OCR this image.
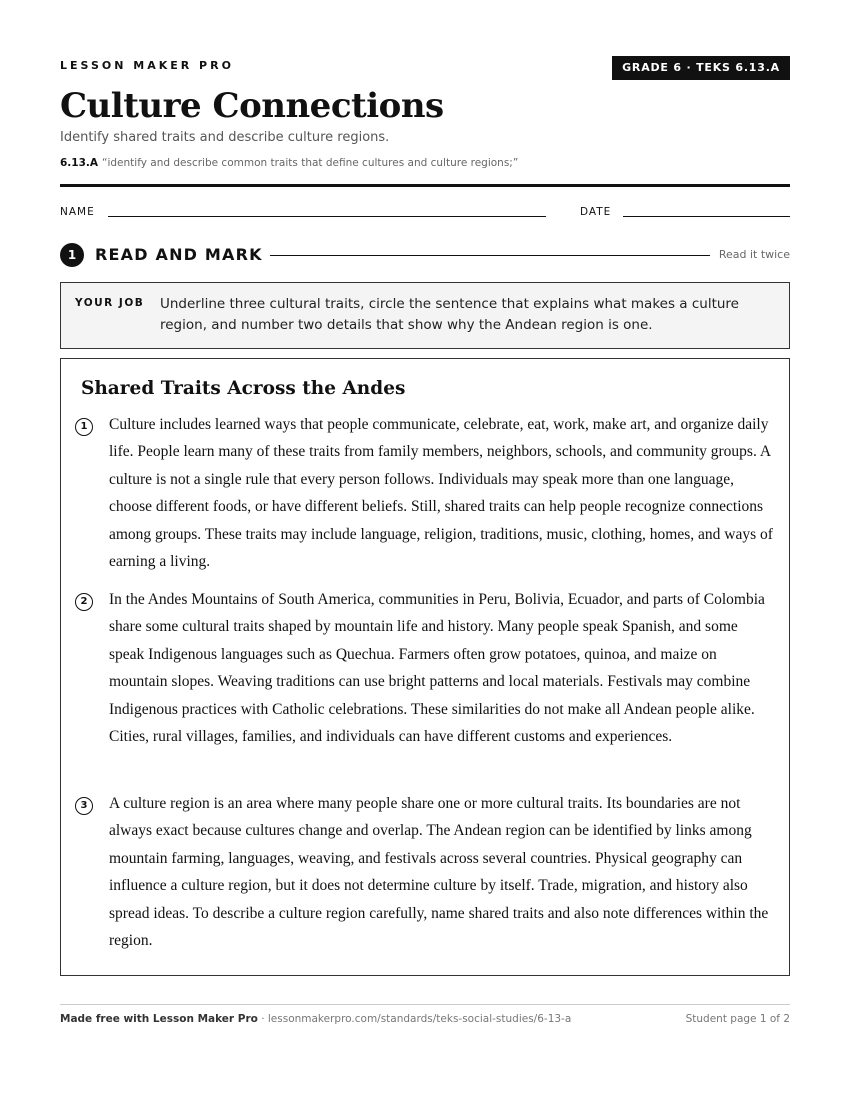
LESSON MAKER PRO	GRADE 6 · TEKS 6.13.A
Culture Connections
Identify shared traits and describe culture regions.
6.13.A “identify and describe common traits that define cultures and culture regions;”
NAME	DATE
1	READ AND MARK	Read it twice
YOUR JOB Underline three cultural traits, circle the sentence that explains what makes a culture region, and number two details that show why the Andean region is one.
Shared Traits Across the Andes
1	Culture includes learned ways that people communicate, celebrate, eat, work, make art, and organize daily life. People learn many of these traits from family members, neighbors, schools, and community groups. A culture is not a single rule that every person follows. Individuals may speak more than one language, choose different foods, or have different beliefs. Still, shared traits can help people recognize connections among groups. These traits may include language, religion, traditions, music, clothing, homes, and ways of earning a living.
2	In the Andes Mountains of South America, communities in Peru, Bolivia, Ecuador, and parts of Colombia share some cultural traits shaped by mountain life and history. Many people speak Spanish, and some speak Indigenous languages such as Quechua. Farmers often grow potatoes, quinoa, and maize on mountain slopes. Weaving traditions can use bright patterns and local materials. Festivals may combine Indigenous practices with Catholic celebrations. These similarities do not make all Andean people alike. Cities, rural villages, families, and individuals can have different customs and experiences.
3	A culture region is an area where many people share one or more cultural traits. Its boundaries are not always exact because cultures change and overlap. The Andean region can be identified by links among mountain farming, languages, weaving, and festivals across several countries. Physical geography can influence a culture region, but it does not determine culture by itself. Trade, migration, and history also spread ideas. To describe a culture region carefully, name shared traits and also note differences within the region.
Made free with Lesson Maker Pro · lessonmakerpro.com/standards/teks-social-studies/6-13-a	Student page 1 of 2
